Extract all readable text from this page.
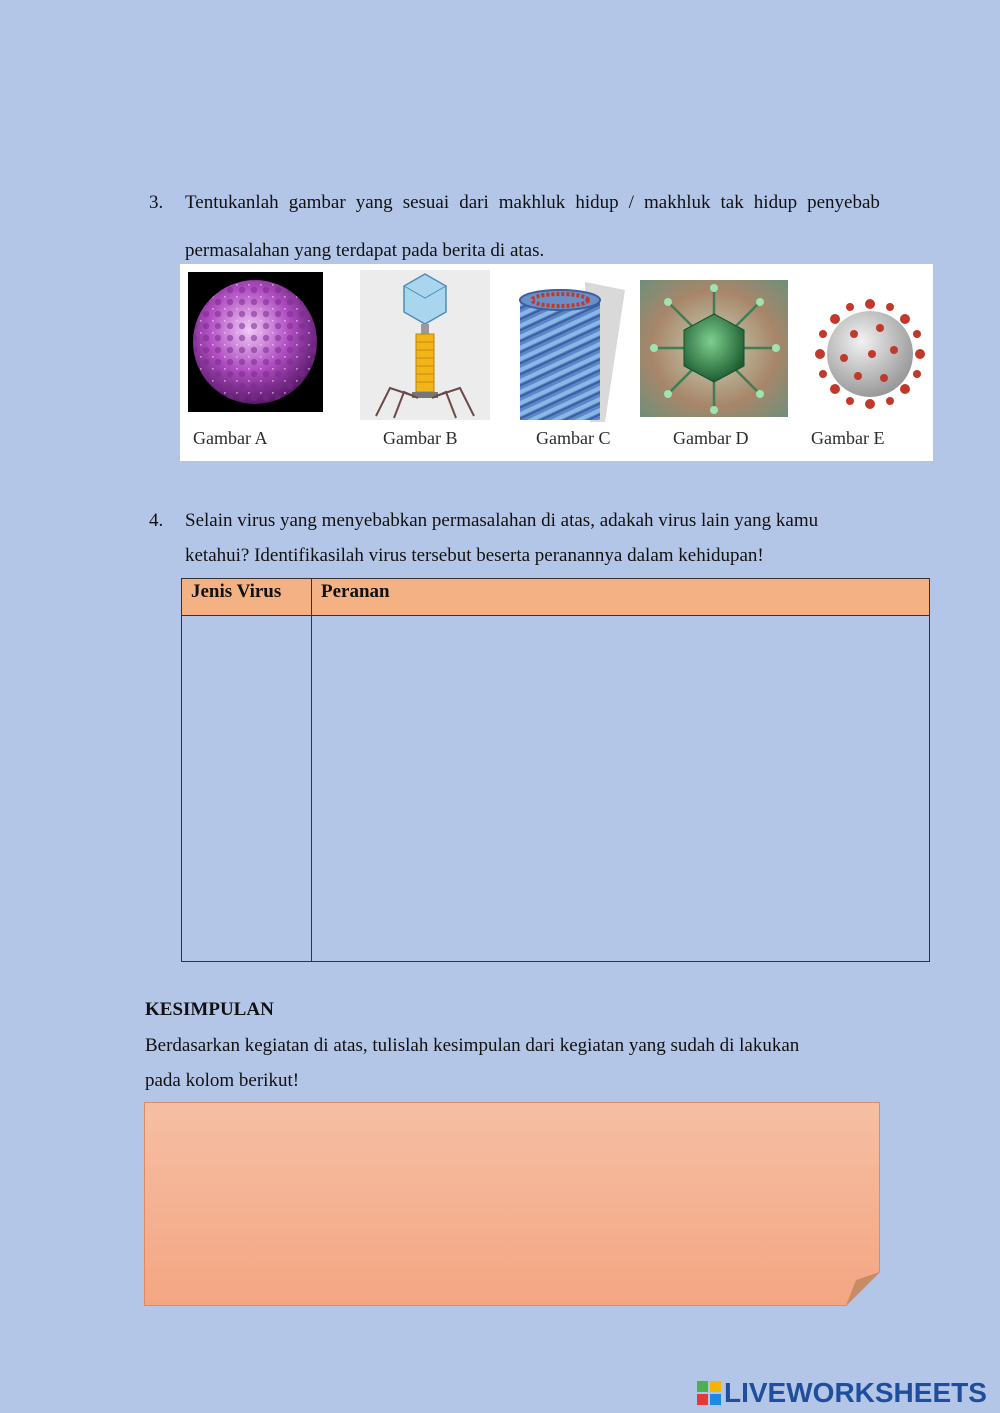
3. Tentukanlah gambar yang sesuai dari makhluk hidup / makhluk tak hidup penyebab
permasalahan yang terdapat pada berita di atas.
Gambar A	Gambar B	Gambar C	Gambar D	Gambar E
4. Selain virus yang menyebabkan permasalahan di atas, adakah virus lain yang kamu
ketahui? Identifikasilah virus tersebut beserta peranannya dalam kehidupan!
Jenis Virus	Peranan

KESIMPULAN
Berdasarkan kegiatan di atas, tulislah kesimpulan dari kegiatan yang sudah di lakukan
pada kolom berikut!
LIVEWORKSHEETS
